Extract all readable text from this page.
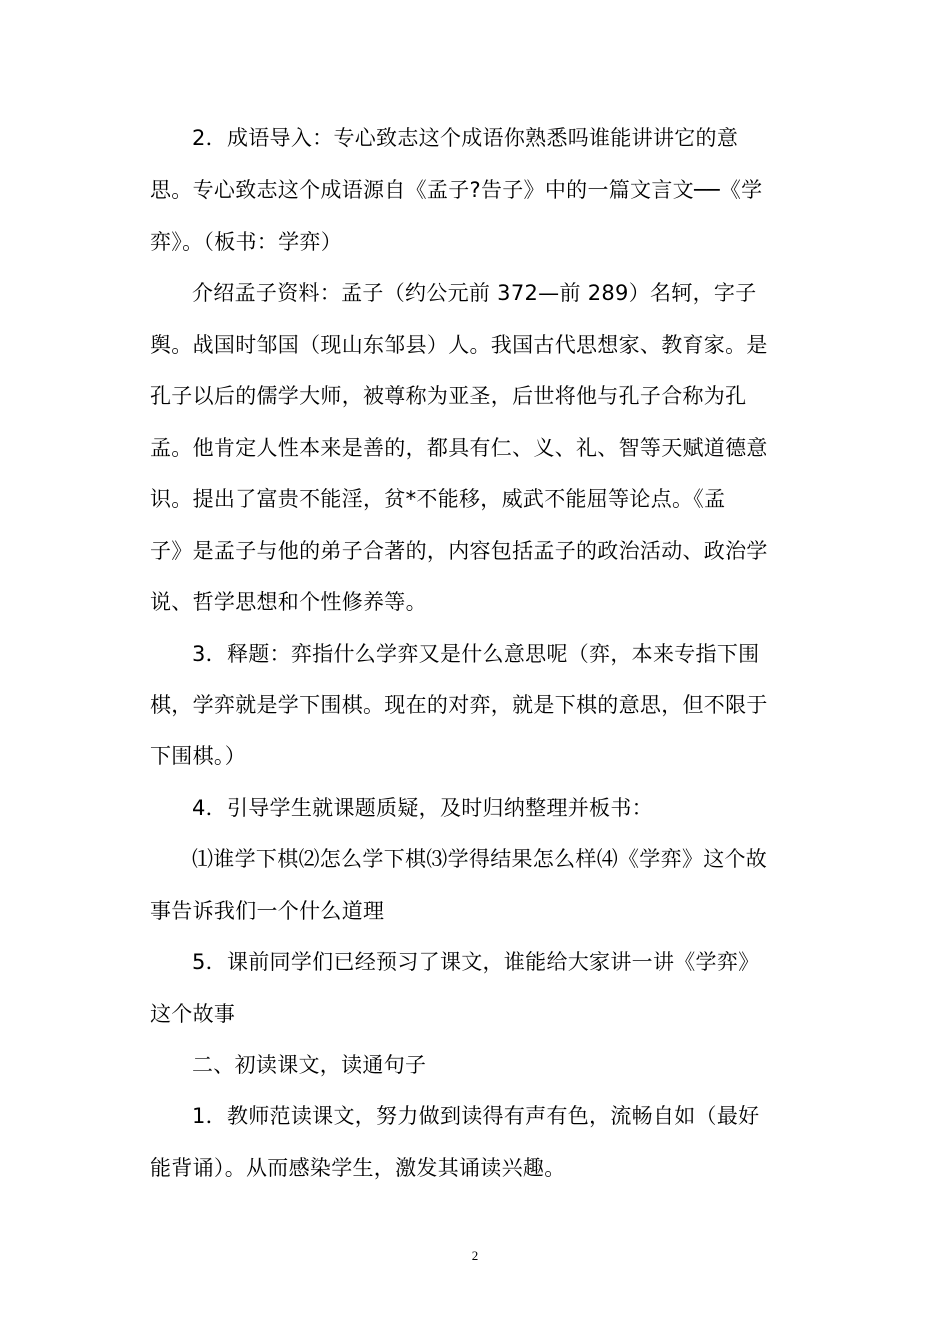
2．成语导入：专心致志这个成语你熟悉吗谁能讲讲它的意
思。专心致志这个成语源自《孟子?告子》中的一篇文言文──《学
弈》。（板书：学弈）
介绍孟子资料：孟子（约公元前 372—前 289）名轲，字子
舆。战国时邹国（现山东邹县）人。我国古代思想家、教育家。是
孔子以后的儒学大师，被尊称为亚圣，后世将他与孔子合称为孔
孟。他肯定人性本来是善的，都具有仁、义、礼、智等天赋道德意
识。提出了富贵不能淫，贫*不能移，威武不能屈等论点。《孟
子》是孟子与他的弟子合著的，内容包括孟子的政治活动、政治学
说、哲学思想和个性修养等。
3．释题：弈指什么学弈又是什么意思呢（弈，本来专指下围
棋，学弈就是学下围棋。现在的对弈，就是下棋的意思，但不限于
下围棋。）
4．引导学生就课题质疑，及时归纳整理并板书：
⑴谁学下棋⑵怎么学下棋⑶学得结果怎么样⑷《学弈》这个故
事告诉我们一个什么道理
5．课前同学们已经预习了课文，谁能给大家讲一讲《学弈》
这个故事
二、初读课文，读通句子
1．教师范读课文，努力做到读得有声有色，流畅自如（最好
能背诵）。从而感染学生，激发其诵读兴趣。
2
